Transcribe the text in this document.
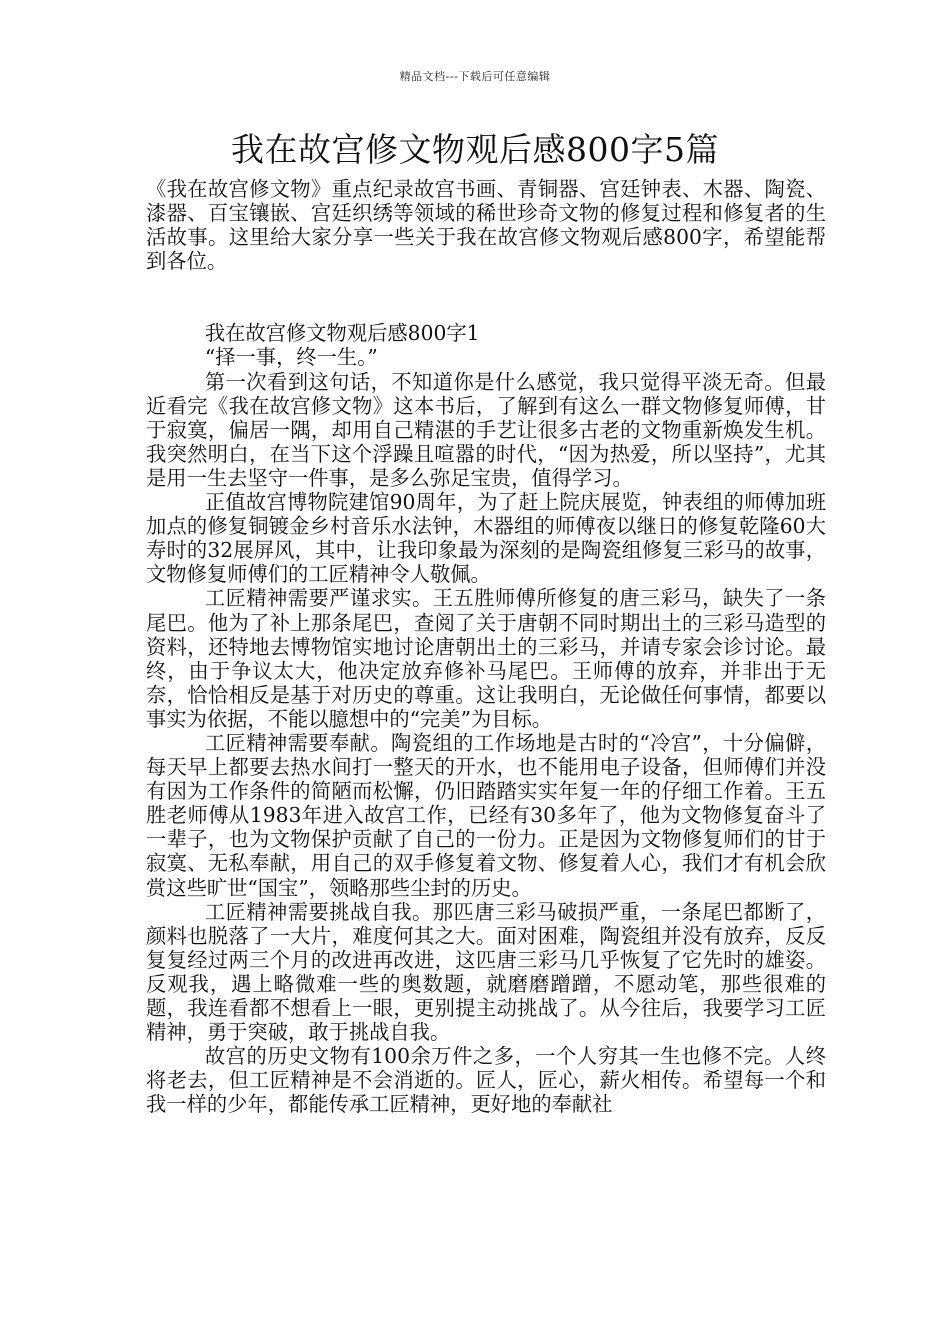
精品文档---下载后可任意编辑
我在故宫修文物观后感800字5篇

《我在故宫修文物》重点纪录故宫书画、青铜器、宫廷钟表、木器、陶瓷、漆器、百宝镶嵌、宫廷织绣等领域的稀世珍奇文物的修复过程和修复者的生活故事。这里给大家分享一些关于我在故宫修文物观后感800字，希望能帮到各位。

我在故宫修文物观后感800字1

“择一事，终一生。”

第一次看到这句话，不知道你是什么感觉，我只觉得平淡无奇。但最近看完《我在故宫修文物》这本书后，了解到有这么一群文物修复师傅，甘于寂寞，偏居一隅，却用自己精湛的手艺让很多古老的文物重新焕发生机。我突然明白，在当下这个浮躁且喧嚣的时代，“因为热爱，所以坚持”，尤其是用一生去坚守一件事，是多么弥足宝贵，值得学习。

正值故宫博物院建馆90周年，为了赶上院庆展览，钟表组的师傅加班加点的修复铜镀金乡村音乐水法钟，木器组的师傅夜以继日的修复乾隆60大寿时的32展屏风，其中，让我印象最为深刻的是陶瓷组修复三彩马的故事，文物修复师傅们的工匠精神令人敬佩。

工匠精神需要严谨求实。王五胜师傅所修复的唐三彩马，缺失了一条尾巴。他为了补上那条尾巴，查阅了关于唐朝不同时期出土的三彩马造型的资料，还特地去博物馆实地讨论唐朝出土的三彩马，并请专家会诊讨论。最终，由于争议太大，他决定放弃修补马尾巴。王师傅的放弃，并非出于无奈，恰恰相反是基于对历史的尊重。这让我明白，无论做任何事情，都要以事实为依据，不能以臆想中的“完美”为目标。

工匠精神需要奉献。陶瓷组的工作场地是古时的“冷宫”，十分偏僻，每天早上都要去热水间打一整天的开水，也不能用电子设备，但师傅们并没有因为工作条件的简陋而松懈，仍旧踏踏实实年复一年的仔细工作着。王五胜老师傅从1983年进入故宫工作，已经有30多年了，他为文物修复奋斗了一辈子，也为文物保护贡献了自己的一份力。正是因为文物修复师们的甘于寂寞、无私奉献，用自己的双手修复着文物、修复着人心，我们才有机会欣赏这些旷世“国宝”，领略那些尘封的历史。

工匠精神需要挑战自我。那匹唐三彩马破损严重，一条尾巴都断了，颜料也脱落了一大片，难度何其之大。面对困难，陶瓷组并没有放弃，反反复复经过两三个月的改进再改进，这匹唐三彩马几乎恢复了它先时的雄姿。反观我，遇上略微难一些的奥数题，就磨磨蹭蹭，不愿动笔，那些很难的题，我连看都不想看上一眼，更别提主动挑战了。从今往后，我要学习工匠精神，勇于突破，敢于挑战自我。

故宫的历史文物有100余万件之多，一个人穷其一生也修不完。人终将老去，但工匠精神是不会消逝的。匠人，匠心，薪火相传。希望每一个和我一样的少年，都能传承工匠精神，更好地的奉献社
